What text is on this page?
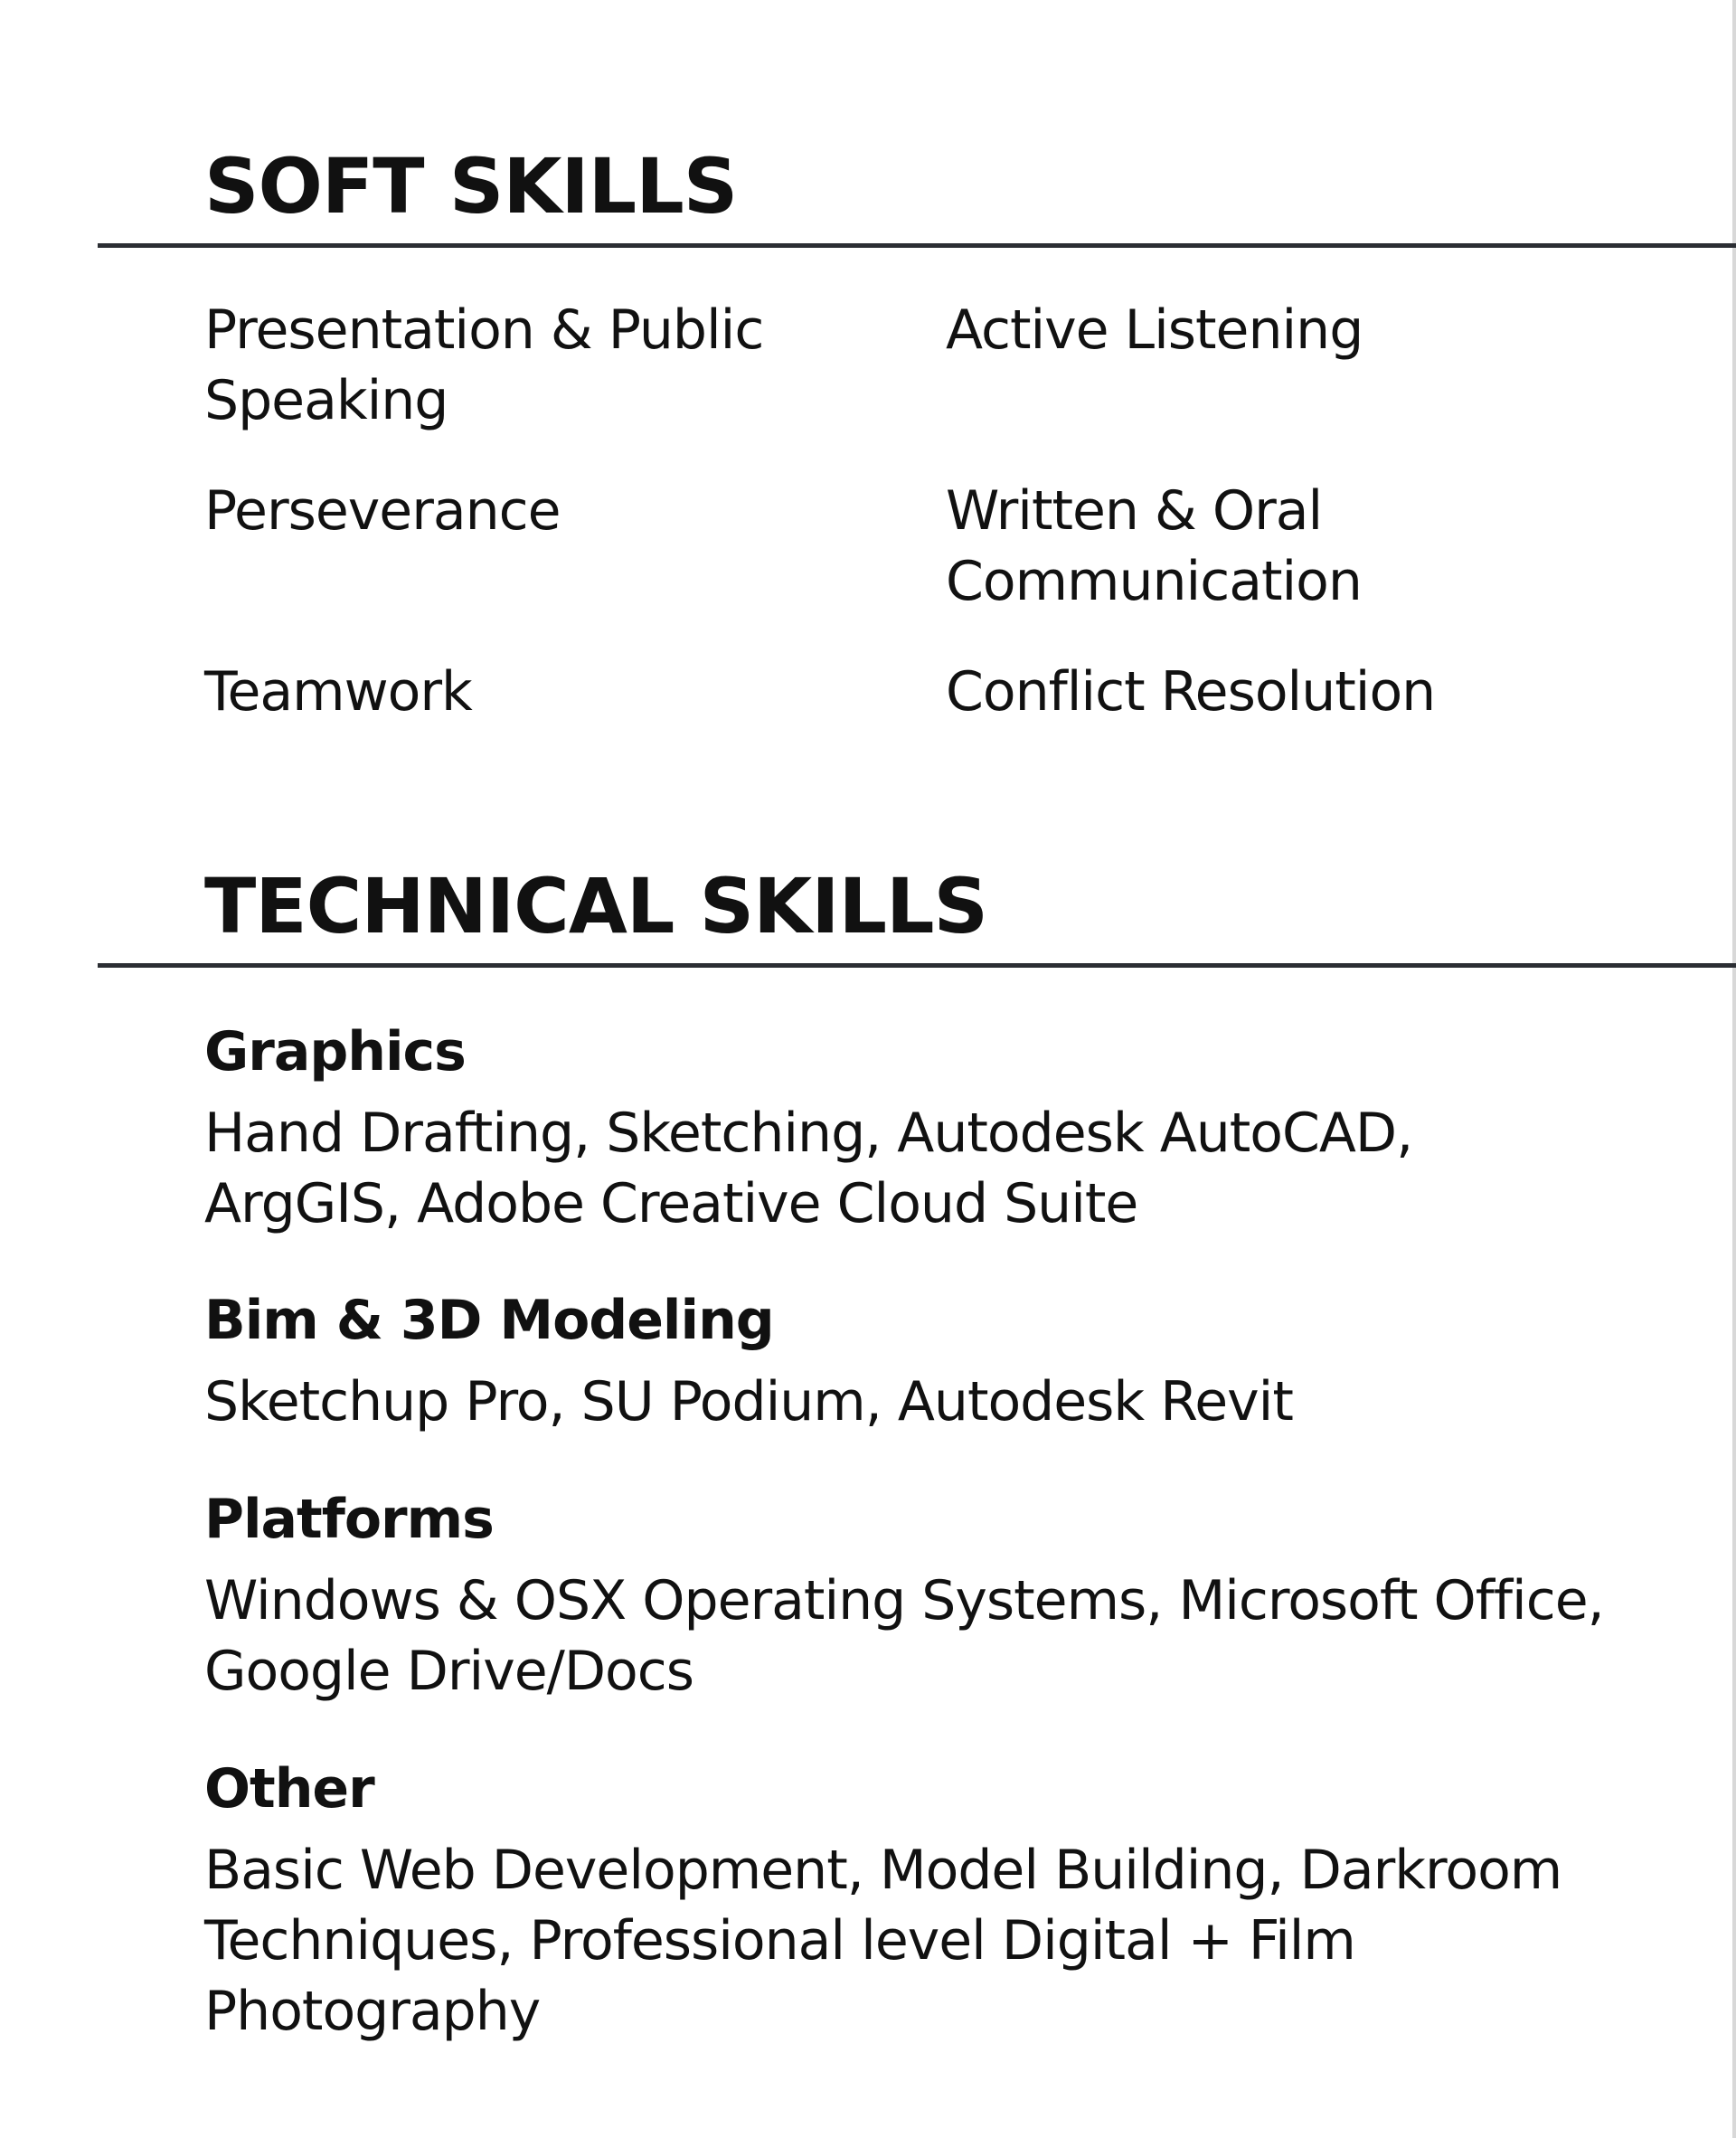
SOFT SKILLS

Presentation & Public Speaking

Active Listening

Perseverance	Written & Oral Communication

Teamwork	Conflict Resolution

TECHNICAL SKILLS

Graphics

Hand Drafting, Sketching, Autodesk AutoCAD, ArgGIS, Adobe Creative Cloud Suite

Bim & 3D Modeling

Sketchup Pro, SU Podium, Autodesk Revit

Platforms

Windows & OSX Operating Systems, Microsoft Office, Google Drive/Docs

Other

Basic Web Development, Model Building, Darkroom Techniques, Professional level Digital + Film Photography
